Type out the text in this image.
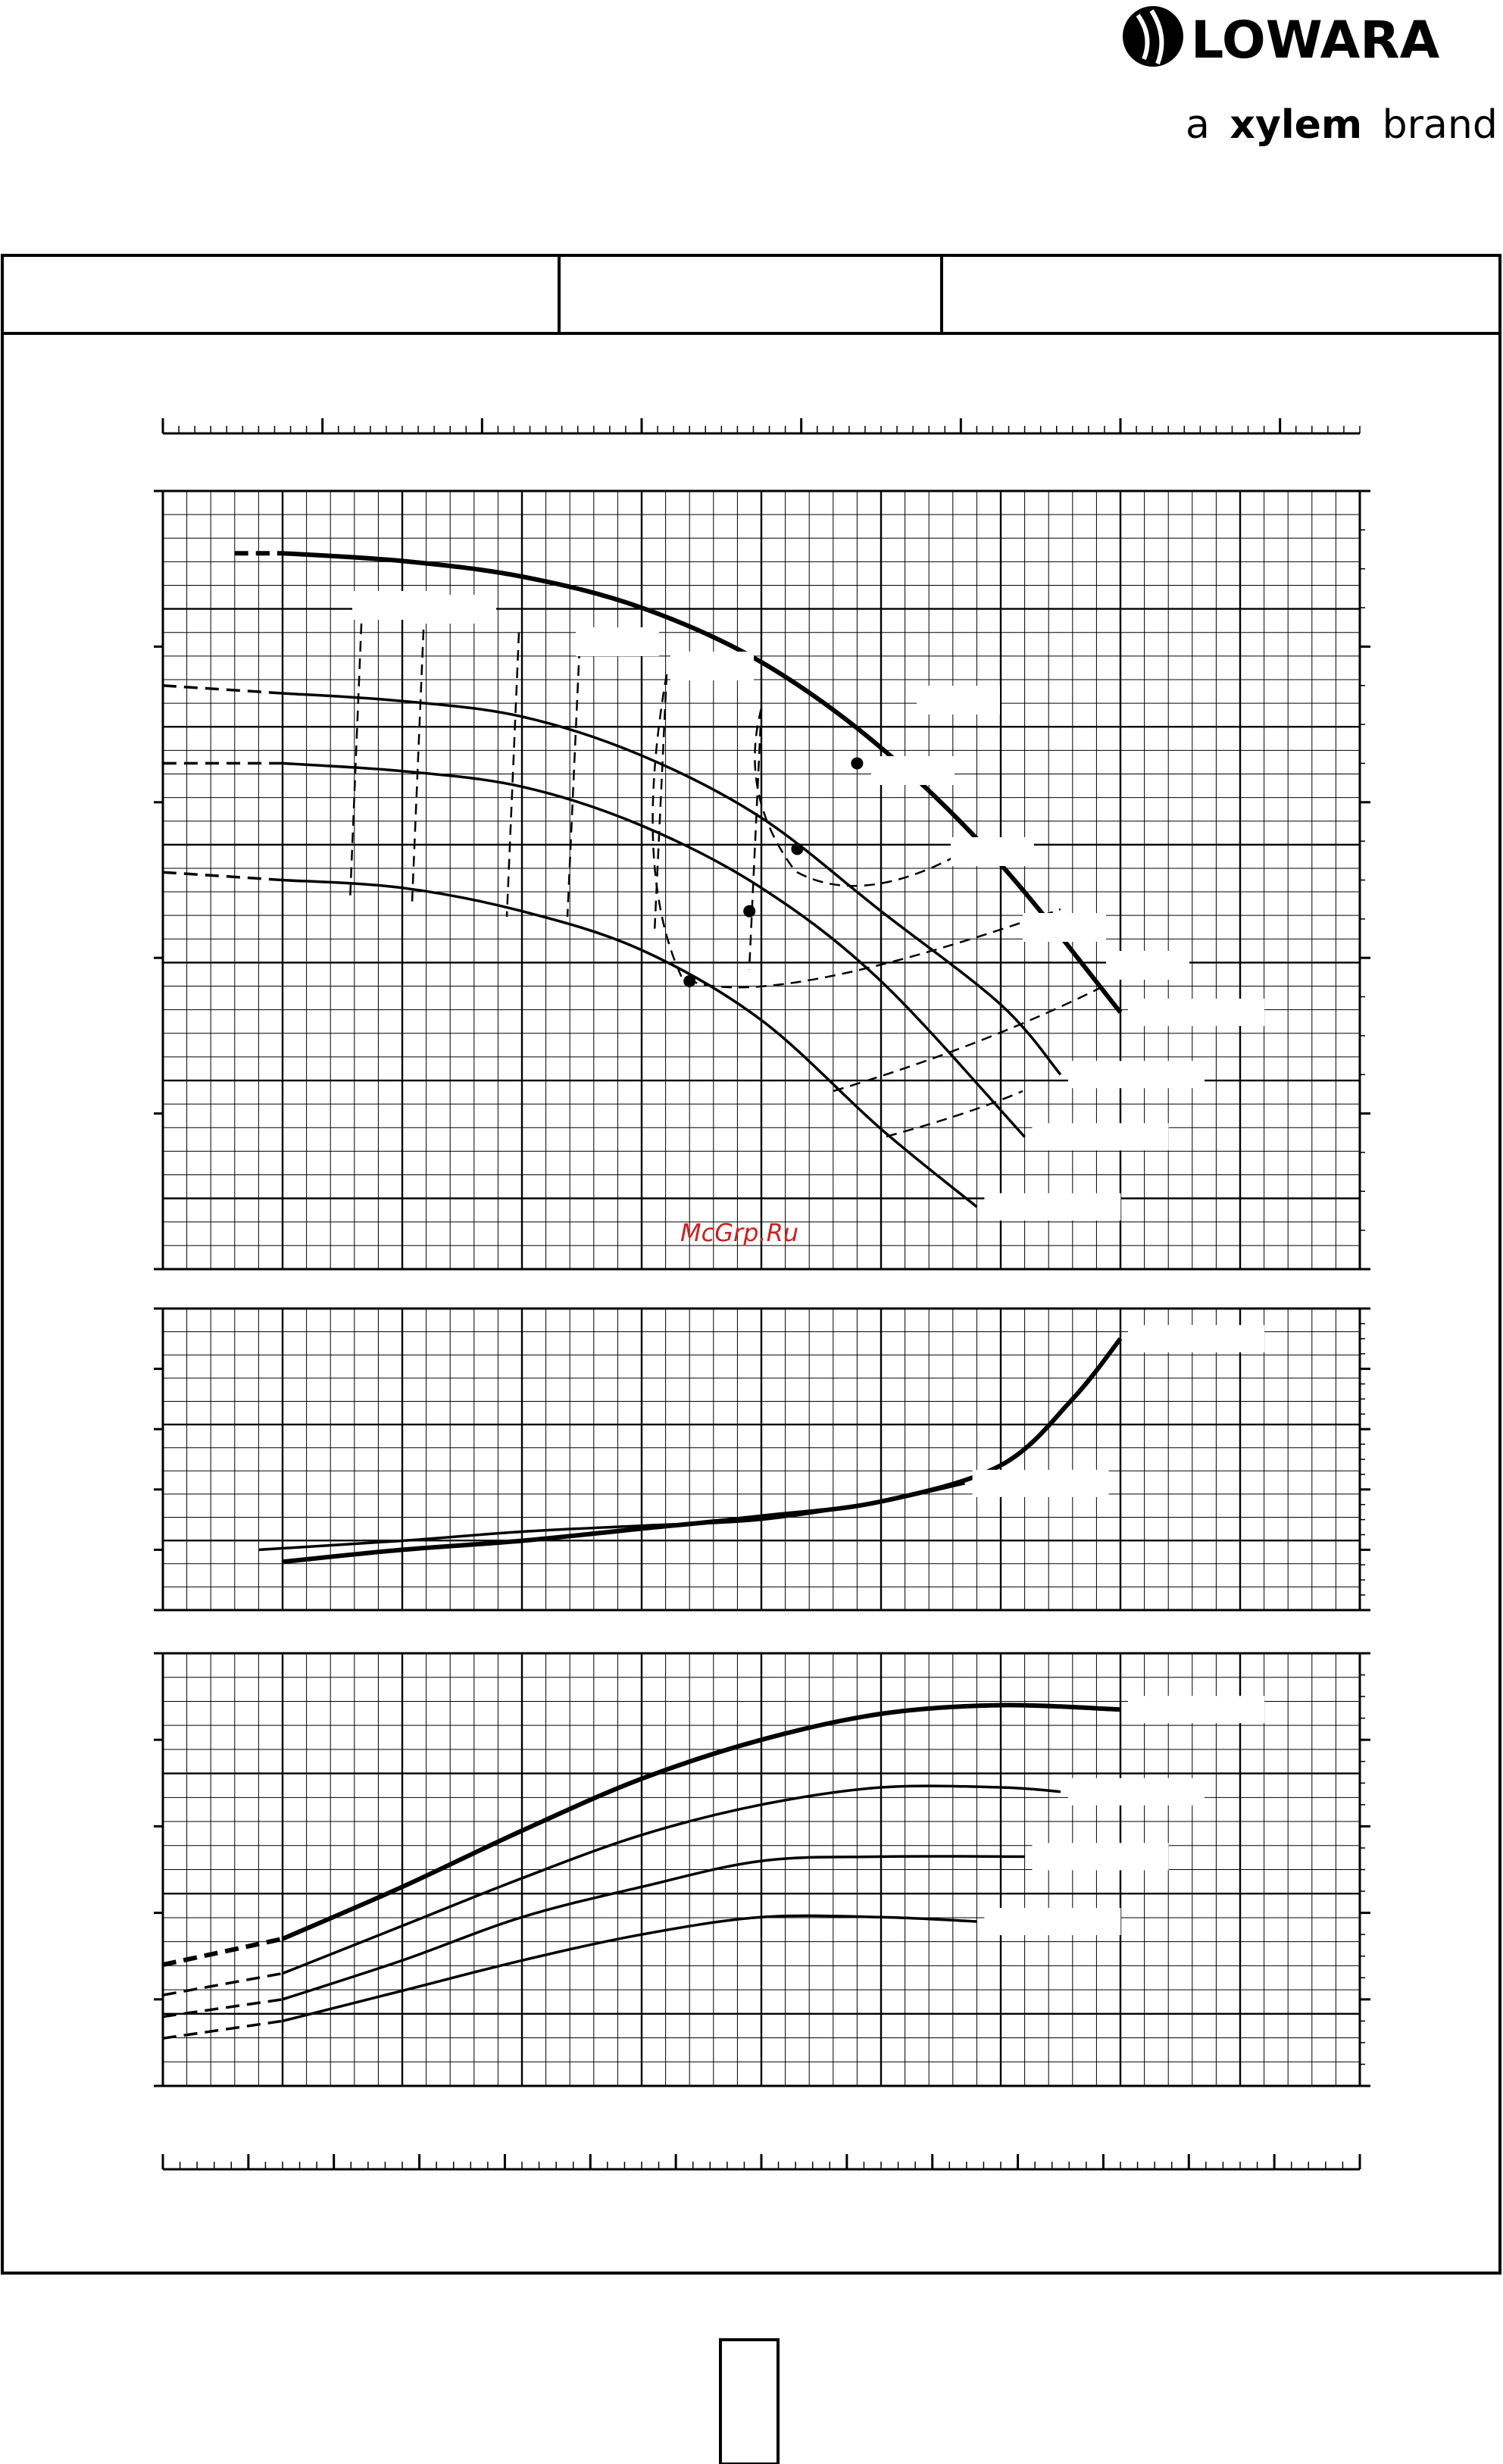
LOWARA
a xylem brand
McGrp.Ru
